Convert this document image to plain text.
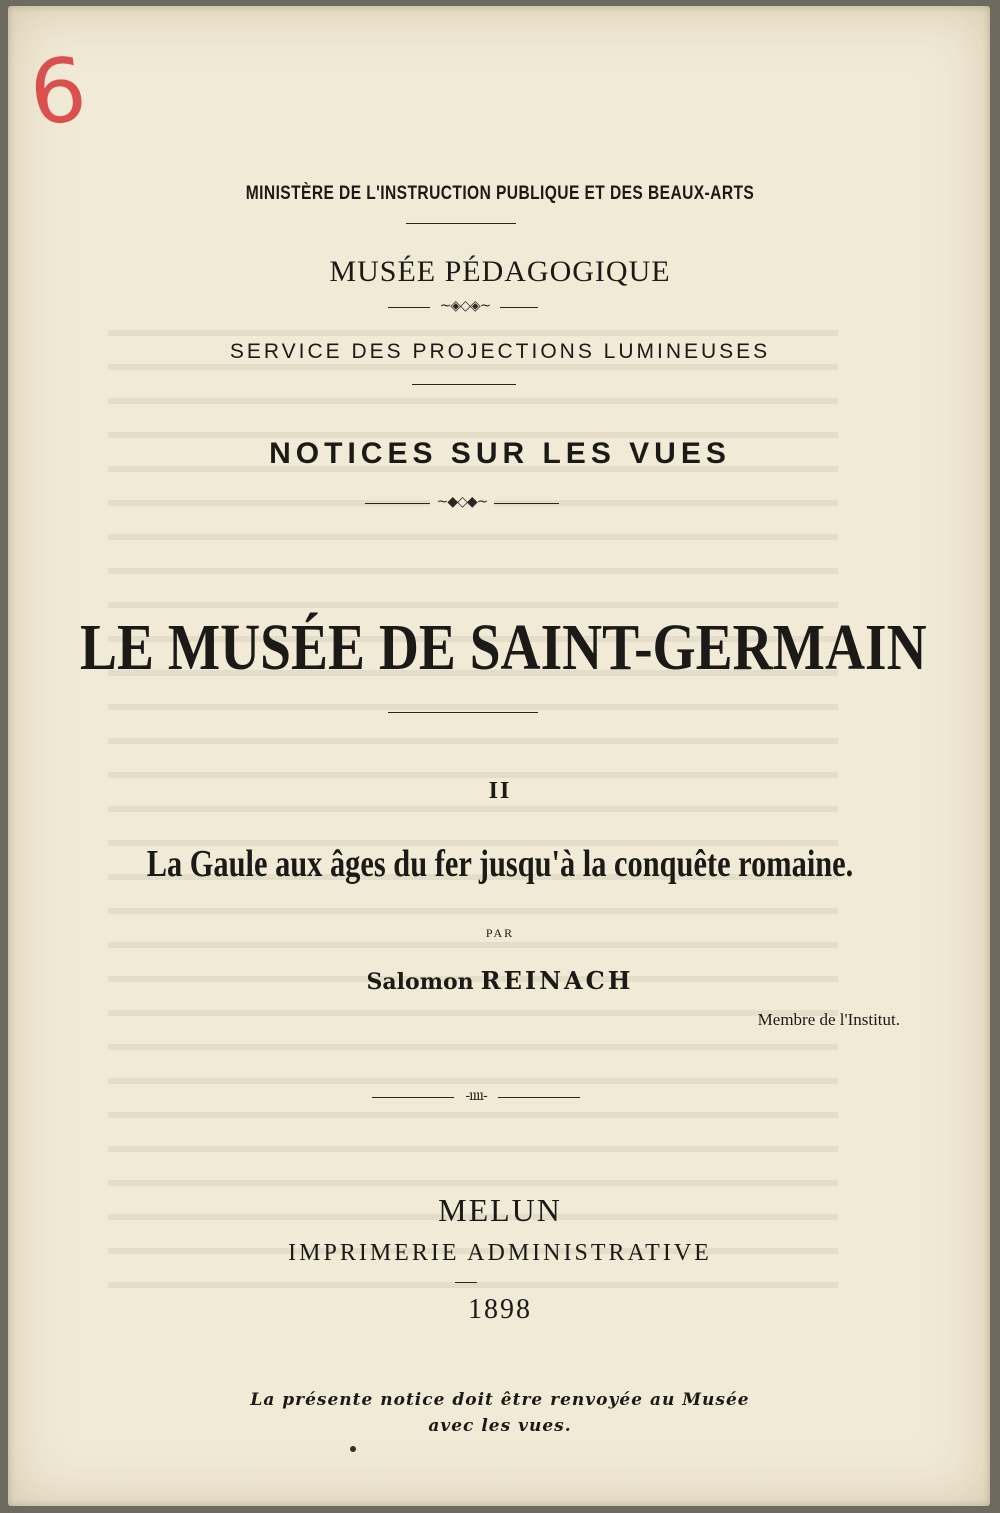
6
MINISTÈRE DE L'INSTRUCTION PUBLIQUE ET DES BEAUX-ARTS
MUSÉE PÉDAGOGIQUE
~◈◇◈~
SERVICE DES PROJECTIONS LUMINEUSES
NOTICES SUR LES VUES
~◆◇◆~
LE MUSÉE DE SAINT-GERMAIN
II
La Gaule aux âges du fer jusqu'à la conquête romaine.
PAR
Salomon REINACH
Membre de l'Institut.
-ıııı-
MELUN
IMPRIMERIE ADMINISTRATIVE
1898
La présente notice doit être renvoyée au Musée
avec les vues.
